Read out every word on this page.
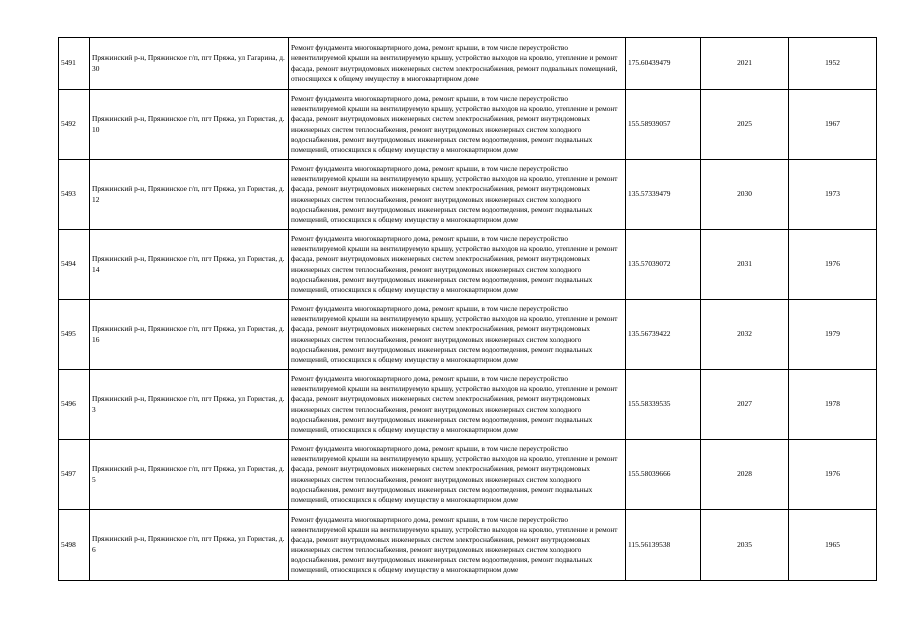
5491	Пряжинский р-н, Пряжинское г/п, пгт Пряжа, ул Гагарина, д. 30	Ремонт фундамента многоквартирного дома, ремонт крыши, в том числе переустройство невентилируемой крыши на вентилируемую крышу, устройство выходов на кровлю, утепление и ремонт фасада, ремонт внутридомовых инженерных систем электроснабжения, ремонт подвальных помещений, относящихся к общему имуществу в многоквартирном доме	175.60439479	2021	1952
5492	Пряжинский р-н, Пряжинское г/п, пгт Пряжа, ул Гористая, д. 10	Ремонт фундамента многоквартирного дома, ремонт крыши, в том числе переустройство невентилируемой крыши на вентилируемую крышу, устройство выходов на кровлю, утепление и ремонт фасада, ремонт внутридомовых инженерных систем электроснабжения, ремонт внутридомовых инженерных систем теплоснабжения, ремонт внутридомовых инженерных систем холодного водоснабжения, ремонт внутридомовых инженерных систем водоотведения, ремонт подвальных помещений, относящихся к общему имуществу в многоквартирном доме	155.58939057	2025	1967
5493	Пряжинский р-н, Пряжинское г/п, пгт Пряжа, ул Гористая, д. 12	Ремонт фундамента многоквартирного дома, ремонт крыши, в том числе переустройство невентилируемой крыши на вентилируемую крышу, устройство выходов на кровлю, утепление и ремонт фасада, ремонт внутридомовых инженерных систем электроснабжения, ремонт внутридомовых инженерных систем теплоснабжения, ремонт внутридомовых инженерных систем холодного водоснабжения, ремонт внутридомовых инженерных систем водоотведения, ремонт подвальных помещений, относящихся к общему имуществу в многоквартирном доме	135.57339479	2030	1973
5494	Пряжинский р-н, Пряжинское г/п, пгт Пряжа, ул Гористая, д. 14	Ремонт фундамента многоквартирного дома, ремонт крыши, в том числе переустройство невентилируемой крыши на вентилируемую крышу, устройство выходов на кровлю, утепление и ремонт фасада, ремонт внутридомовых инженерных систем электроснабжения, ремонт внутридомовых инженерных систем теплоснабжения, ремонт внутридомовых инженерных систем холодного водоснабжения, ремонт внутридомовых инженерных систем водоотведения, ремонт подвальных помещений, относящихся к общему имуществу в многоквартирном доме	135.57039072	2031	1976
5495	Пряжинский р-н, Пряжинское г/п, пгт Пряжа, ул Гористая, д. 16	Ремонт фундамента многоквартирного дома, ремонт крыши, в том числе переустройство невентилируемой крыши на вентилируемую крышу, устройство выходов на кровлю, утепление и ремонт фасада, ремонт внутридомовых инженерных систем электроснабжения, ремонт внутридомовых инженерных систем теплоснабжения, ремонт внутридомовых инженерных систем холодного водоснабжения, ремонт внутридомовых инженерных систем водоотведения, ремонт подвальных помещений, относящихся к общему имуществу в многоквартирном доме	135.56739422	2032	1979
5496	Пряжинский р-н, Пряжинское г/п, пгт Пряжа, ул Гористая, д. 3	Ремонт фундамента многоквартирного дома, ремонт крыши, в том числе переустройство невентилируемой крыши на вентилируемую крышу, устройство выходов на кровлю, утепление и ремонт фасада, ремонт внутридомовых инженерных систем электроснабжения, ремонт внутридомовых инженерных систем теплоснабжения, ремонт внутридомовых инженерных систем холодного водоснабжения, ремонт внутридомовых инженерных систем водоотведения, ремонт подвальных помещений, относящихся к общему имуществу в многоквартирном доме	155.58339535	2027	1978
5497	Пряжинский р-н, Пряжинское г/п, пгт Пряжа, ул Гористая, д. 5	Ремонт фундамента многоквартирного дома, ремонт крыши, в том числе переустройство невентилируемой крыши на вентилируемую крышу, устройство выходов на кровлю, утепление и ремонт фасада, ремонт внутридомовых инженерных систем электроснабжения, ремонт внутридомовых инженерных систем теплоснабжения, ремонт внутридомовых инженерных систем холодного водоснабжения, ремонт внутридомовых инженерных систем водоотведения, ремонт подвальных помещений, относящихся к общему имуществу в многоквартирном доме	155.58039666	2028	1976
5498	Пряжинский р-н, Пряжинское г/п, пгт Пряжа, ул Гористая, д. 6	Ремонт фундамента многоквартирного дома, ремонт крыши, в том числе переустройство невентилируемой крыши на вентилируемую крышу, устройство выходов на кровлю, утепление и ремонт фасада, ремонт внутридомовых инженерных систем электроснабжения, ремонт внутридомовых инженерных систем теплоснабжения, ремонт внутридомовых инженерных систем холодного водоснабжения, ремонт внутридомовых инженерных систем водоотведения, ремонт подвальных помещений, относящихся к общему имуществу в многоквартирном доме	115.56139538	2035	1965
